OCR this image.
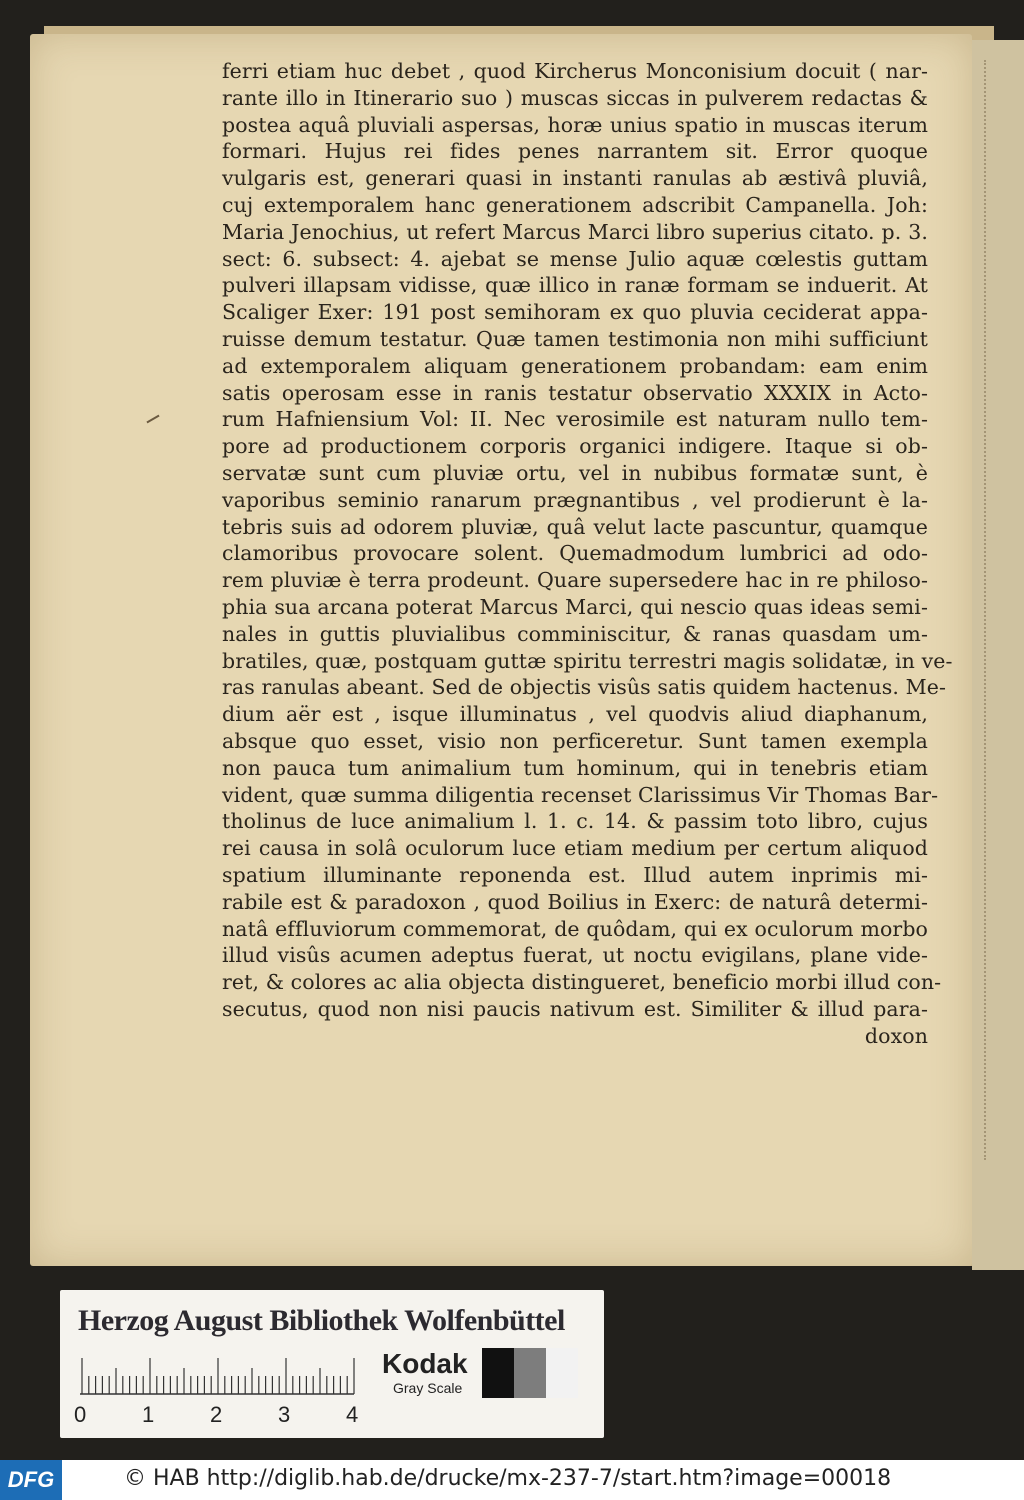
ferri etiam huc debet , quod Kircherus Monconisium docuit ( nar-
rante illo in Itinerario suo ) muscas siccas in pulverem redactas &
postea aquâ pluviali aspersas, horæ unius spatio in muscas iterum
formari. Hujus rei fides penes narrantem sit. Error quoque
vulgaris est, generari quasi in instanti ranulas ab æstivâ pluviâ,
cuj extemporalem hanc generationem adscribit Campanella. Joh:
Maria Jenochius, ut refert Marcus Marci libro superius citato. p. 3.
sect: 6. subsect: 4. ajebat se mense Julio aquæ cœlestis guttam
pulveri illapsam vidisse, quæ illico in ranæ formam se induerit. At
Scaliger Exer: 191 post semihoram ex quo pluvia ceciderat appa-
ruisse demum testatur. Quæ tamen testimonia non mihi sufficiunt
ad extemporalem aliquam generationem probandam: eam enim
satis operosam esse in ranis testatur observatio XXXIX in Acto-
rum Hafniensium Vol: II. Nec verosimile est naturam nullo tem-
pore ad productionem corporis organici indigere. Itaque si ob-
servatæ sunt cum pluviæ ortu, vel in nubibus formatæ sunt, è
vaporibus seminio ranarum prægnantibus , vel prodierunt è la-
tebris suis ad odorem pluviæ, quâ velut lacte pascuntur, quamque
clamoribus provocare solent. Quemadmodum lumbrici ad odo-
rem pluviæ è terra prodeunt. Quare supersedere hac in re philoso-
phia sua arcana poterat Marcus Marci, qui nescio quas ideas semi-
nales in guttis pluvialibus comminiscitur, & ranas quasdam um-
bratiles, quæ, postquam guttæ spiritu terrestri magis solidatæ, in ve-
ras ranulas abeant. Sed de objectis visûs satis quidem hactenus. Me-
dium aër est , isque illuminatus , vel quodvis aliud diaphanum,
absque quo esset, visio non perficeretur. Sunt tamen exempla
non pauca tum animalium tum hominum, qui in tenebris etiam
vident, quæ summa diligentia recenset Clarissimus Vir Thomas Bar-
tholinus de luce animalium l. 1. c. 14. & passim toto libro, cujus
rei causa in solâ oculorum luce etiam medium per certum aliquod
spatium illuminante reponenda est. Illud autem inprimis mi-
rabile est & paradoxon , quod Boilius in Exerc: de naturâ determi-
natâ effluviorum commemorat, de quôdam, qui ex oculorum morbo
illud visûs acumen adeptus fuerat, ut noctu evigilans, plane vide-
ret, & colores ac alia objecta distingueret, beneficio morbi illud con-
secutus, quod non nisi paucis nativum est. Similiter & illud para-
doxon
Herzog August Bibliothek Wolfenbüttel
0	1	2	3	4
Kodak
Gray Scale
DFG	© HAB http://diglib.hab.de/drucke/mx-237-7/start.htm?image=00018
